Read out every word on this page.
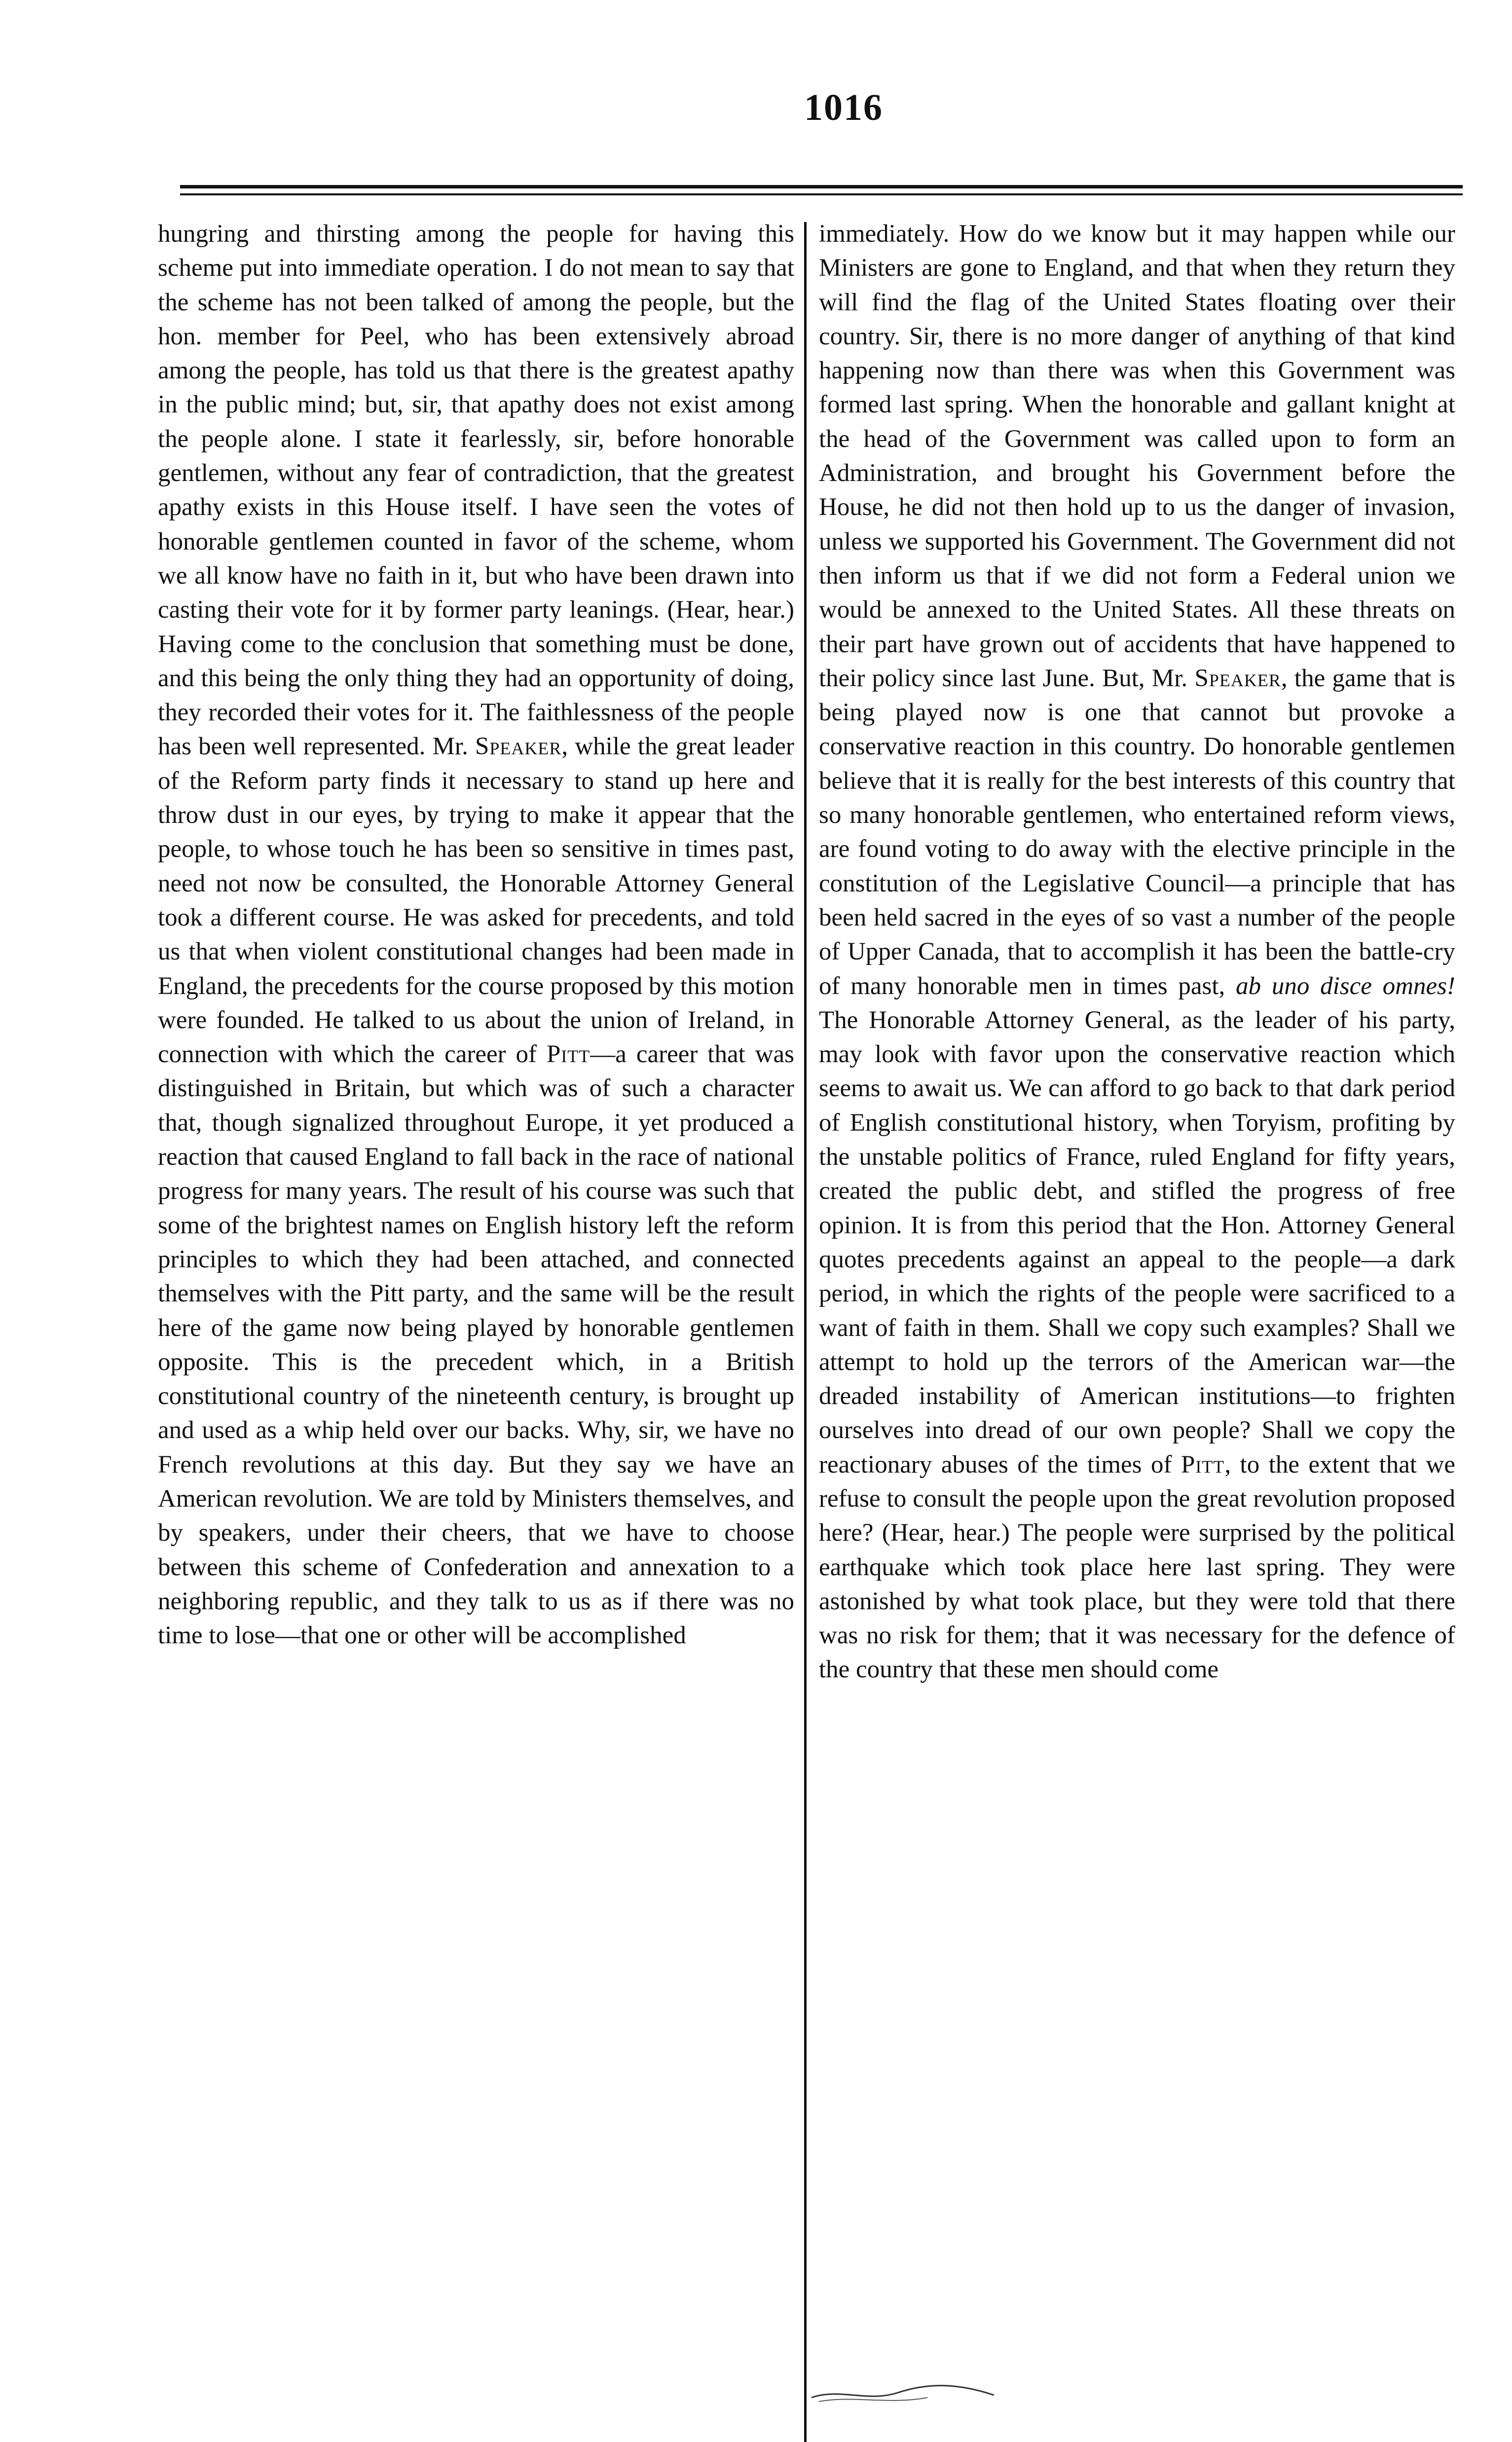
1016

hungring and thirsting among the people for having this scheme put into immediate operation. I do not mean to say that the scheme has not been talked of among the people, but the hon. member for Peel, who has been extensively abroad among the people, has told us that there is the greatest apathy in the public mind; but, sir, that apathy does not exist among the people alone. I state it fearlessly, sir, before honorable gentlemen, without any fear of contradiction, that the greatest apathy exists in this House itself. I have seen the votes of honorable gentlemen counted in favor of the scheme, whom we all know have no faith in it, but who have been drawn into casting their vote for it by former party leanings. (Hear, hear.) Having come to the conclusion that something must be done, and this being the only thing they had an opportunity of doing, they recorded their votes for it. The faithlessness of the people has been well represented. Mr. Speaker, while the great leader of the Reform party finds it necessary to stand up here and throw dust in our eyes, by trying to make it appear that the people, to whose touch he has been so sensitive in times past, need not now be consulted, the Honorable Attorney General took a different course. He was asked for precedents, and told us that when violent constitutional changes had been made in England, the precedents for the course proposed by this motion were founded. He talked to us about the union of Ireland, in connection with which the career of Pitt—a career that was distinguished in Britain, but which was of such a character that, though signalized throughout Europe, it yet produced a reaction that caused England to fall back in the race of national progress for many years. The result of his course was such that some of the brightest names on English history left the reform principles to which they had been attached, and connected themselves with the Pitt party, and the same will be the result here of the game now being played by honorable gentlemen opposite. This is the precedent which, in a British constitutional country of the nineteenth century, is brought up and used as a whip held over our backs. Why, sir, we have no French revolutions at this day. But they say we have an American revolution. We are told by Ministers themselves, and by speakers, under their cheers, that we have to choose between this scheme of Confederation and annexation to a neighboring republic, and they talk to us as if there was no time to lose—that one or other will be accomplished

immediately. How do we know but it may happen while our Ministers are gone to England, and that when they return they will find the flag of the United States floating over their country. Sir, there is no more danger of anything of that kind happening now than there was when this Government was formed last spring. When the honorable and gallant knight at the head of the Government was called upon to form an Administration, and brought his Government before the House, he did not then hold up to us the danger of invasion, unless we supported his Government. The Government did not then inform us that if we did not form a Federal union we would be annexed to the United States. All these threats on their part have grown out of accidents that have happened to their policy since last June. But, Mr. Speaker, the game that is being played now is one that cannot but provoke a conservative reaction in this country. Do honorable gentlemen believe that it is really for the best interests of this country that so many honorable gentlemen, who entertained reform views, are found voting to do away with the elective principle in the constitution of the Legislative Council—a principle that has been held sacred in the eyes of so vast a number of the people of Upper Canada, that to accomplish it has been the battle-cry of many honorable men in times past, ab uno disce omnes! The Honorable Attorney General, as the leader of his party, may look with favor upon the conservative reaction which seems to await us. We can afford to go back to that dark period of English constitutional history, when Toryism, profiting by the unstable politics of France, ruled England for fifty years, created the public debt, and stifled the progress of free opinion. It is from this period that the Hon. Attorney General quotes precedents against an appeal to the people—a dark period, in which the rights of the people were sacrificed to a want of faith in them. Shall we copy such examples? Shall we attempt to hold up the terrors of the American war—the dreaded instability of American institutions—to frighten ourselves into dread of our own people? Shall we copy the reactionary abuses of the times of Pitt, to the extent that we refuse to consult the people upon the great revolution proposed here? (Hear, hear.) The people were surprised by the political earthquake which took place here last spring. They were astonished by what took place, but they were told that there was no risk for them; that it was necessary for the defence of the country that these men should come
